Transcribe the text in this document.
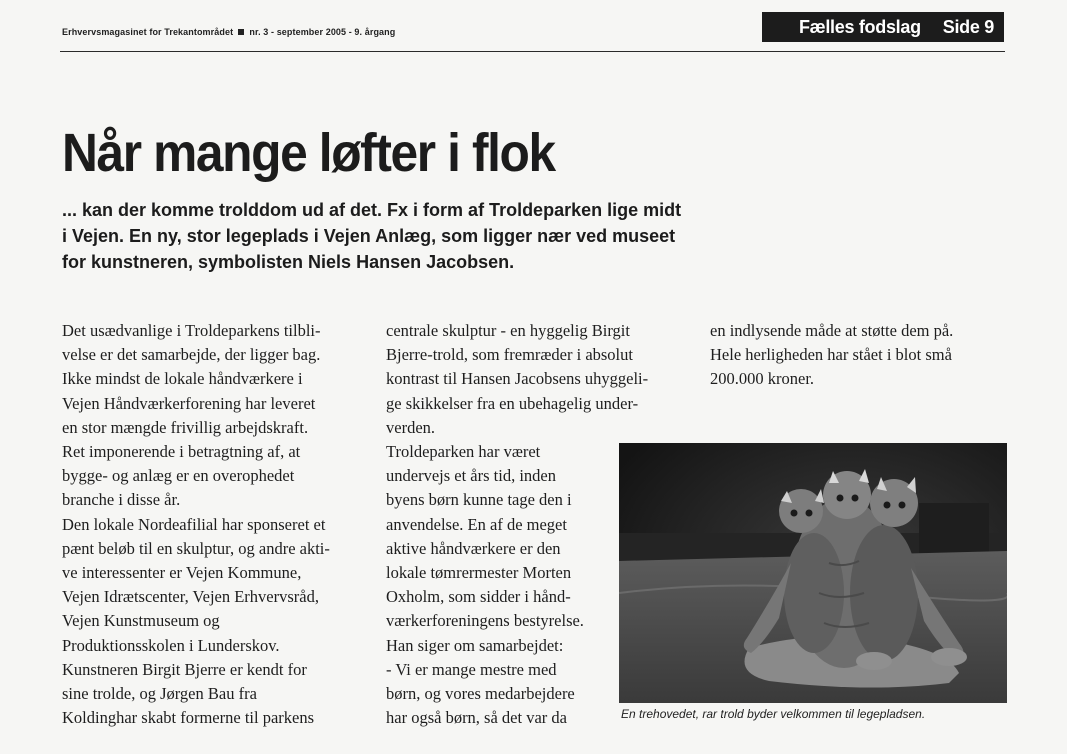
Erhvervsmagasinet for Trekantområdet nr. 3 - september 2005 - 9. årgang	Fælles fodslag Side 9
Når mange løfter i flok

... kan der komme trolddom ud af det. Fx i form af Troldeparken lige midt i Vejen. En ny, stor legeplads i Vejen Anlæg, som ligger nær ved museet for kunstneren, symbolisten Niels Hansen Jacobsen.

Det usædvanlige i Troldeparkens tilbli-

velse er det samarbejde, der ligger bag.

Ikke mindst de lokale håndværkere i

Vejen Håndværkerforening har leveret

en stor mængde frivillig arbejdskraft.

Ret imponerende i betragtning af, at

bygge- og anlæg er en overophedet

branche i disse år.

Den lokale Nordeafilial har sponseret et

pænt beløb til en skulptur, og andre akti-

ve interessenter er Vejen Kommune,

Vejen Idrætscenter, Vejen Erhvervsråd,

Vejen Kunstmuseum og

Produktionsskolen i Lunderskov.

Kunstneren Birgit Bjerre er kendt for

sine trolde, og Jørgen Bau fra

Koldinghar skabt formerne til parkens

centrale skulptur - en hyggelig Birgit

Bjerre-trold, som fremræder i absolut

kontrast til Hansen Jacobsens uhyggeli-

ge skikkelser fra en ubehagelig under-

verden.

Troldeparken har været

undervejs et års tid, inden

byens børn kunne tage den i

anvendelse. En af de meget

aktive håndværkere er den

lokale tømrermester Morten

Oxholm, som sidder i hånd-

værkerforeningens bestyrelse.

Han siger om samarbejdet:

- Vi er mange mestre med

børn, og vores medarbejdere

har også børn, så det var da

en indlysende måde at støtte dem på.

Hele herligheden har stået i blot små

200.000 kroner.

En trehovedet, rar trold byder velkommen til legepladsen.
